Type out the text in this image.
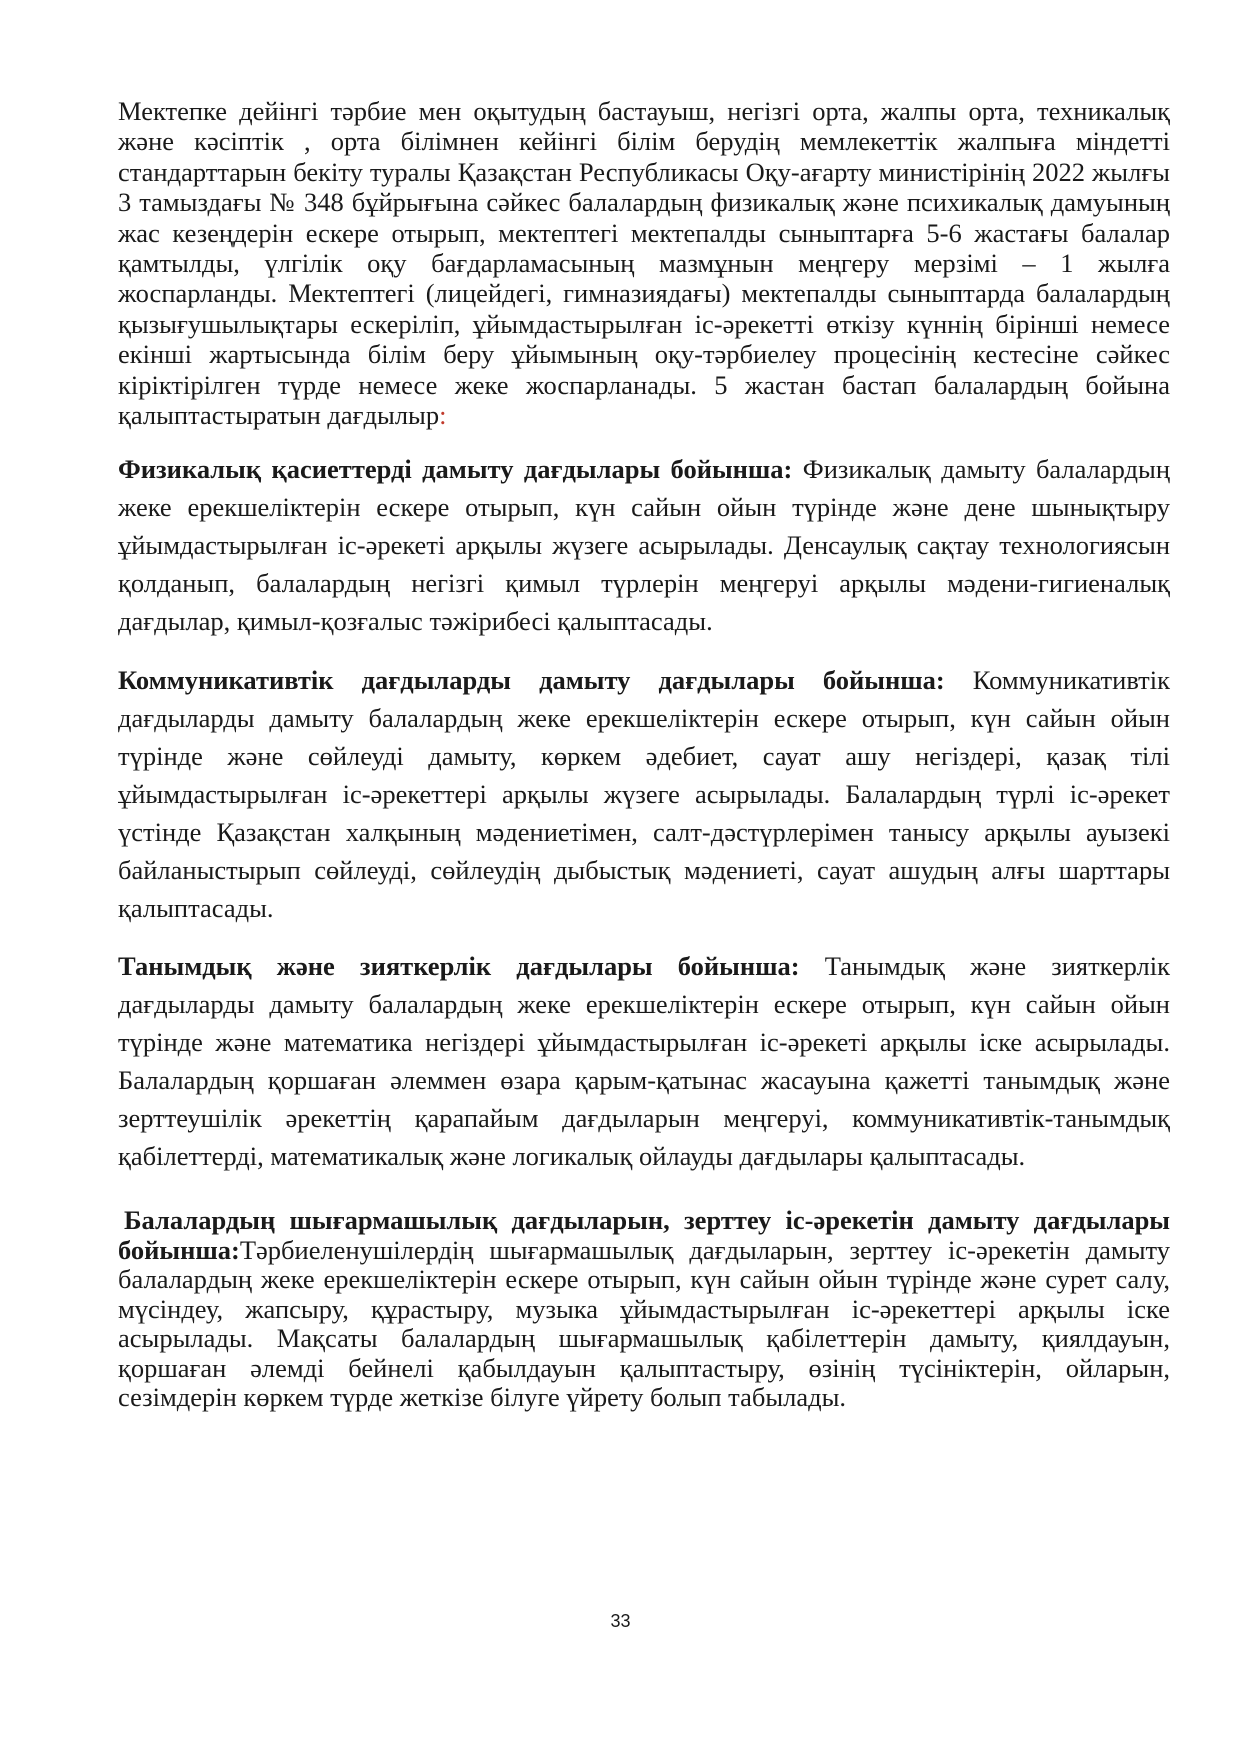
Мектепке дейінгі тәрбие мен оқытудың бастауыш, негізгі орта, жалпы орта, техникалық және кәсіптік , орта білімнен кейінгі білім берудің мемлекеттік жалпыға міндетті стандарттарын бекіту туралы Қазақстан Республикасы Оқу-ағарту министірінің 2022 жылғы 3 тамыздағы № 348 бұйрығына сәйкес балалардың физикалық және психикалық дамуының жас кезеңдерін ескере отырып, мектептегі мектепалды сыныптарға 5-6 жастағы балалар қамтылды, үлгілік оқу бағдарламасының мазмұнын меңгеру мерзімі – 1 жылға жоспарланды. Мектептегі (лицейдегі, гимназиядағы) мектепалды сыныптарда балалардың қызығушылықтары ескеріліп, ұйымдастырылған іс-әрекетті өткізу күннің бірінші немесе екінші жартысында білім беру ұйымының оқу-тәрбиелеу процесінің кестесіне сәйкес кіріктірілген түрде немесе жеке жоспарланады. 5 жастан бастап балалардың бойына қалыптастыратын дағдылыр:

Физикалық қасиеттерді дамыту дағдылары бойынша: Физикалық дамыту балалардың жеке ерекшеліктерін ескере отырып, күн сайын ойын түрінде және дене шынықтыру ұйымдастырылған іс-әрекеті арқылы жүзеге асырылады. Денсаулық сақтау технологиясын қолданып, балалардың негізгі қимыл түрлерін меңгеруі арқылы мәдени-гигиеналық дағдылар, қимыл-қозғалыс тәжірибесі қалыптасады.

Коммуникативтік дағдыларды дамыту дағдылары бойынша: Коммуникативтік дағдыларды дамыту балалардың жеке ерекшеліктерін ескере отырып, күн сайын ойын түрінде және сөйлеуді дамыту, көркем әдебиет, сауат ашу негіздері, қазақ тілі ұйымдастырылған іс-әрекеттері арқылы жүзеге асырылады. Балалардың түрлі іс-әрекет үстінде Қазақстан халқының мәдениетімен, салт-дәстүрлерімен танысу арқылы ауызекі байланыстырып сөйлеуді, сөйлеудің дыбыстық мәдениеті, сауат ашудың алғы шарттары қалыптасады.

Танымдық және зияткерлік дағдылары бойынша: Танымдық және зияткерлік дағдыларды дамыту балалардың жеке ерекшеліктерін ескере отырып, күн сайын ойын түрінде және математика негіздері ұйымдастырылған іс-әрекеті арқылы іске асырылады. Балалардың қоршаған әлеммен өзара қарым-қатынас жасауына қажетті танымдық және зерттеушілік әрекеттің қарапайым дағдыларын меңгеруі, коммуникативтік-танымдық қабілеттерді, математикалық және логикалық ойлауды дағдылары қалыптасады.

Балалардың шығармашылық дағдыларын, зерттеу іс-әрекетін дамыту дағдылары бойынша:Тәрбиеленушілердің шығармашылық дағдыларын, зерттеу іс-әрекетін дамыту балалардың жеке ерекшеліктерін ескере отырып, күн сайын ойын түрінде және сурет салу, мүсіндеу, жапсыру, құрастыру, музыка ұйымдастырылған іс-әрекеттері арқылы іске асырылады. Мақсаты балалардың шығармашылық қабілеттерін дамыту, қиялдауын, қоршаған әлемді бейнелі қабылдауын қалыптастыру, өзінің түсініктерін, ойларын, сезімдерін көркем түрде жеткізе білуге үйрету болып табылады.

33
